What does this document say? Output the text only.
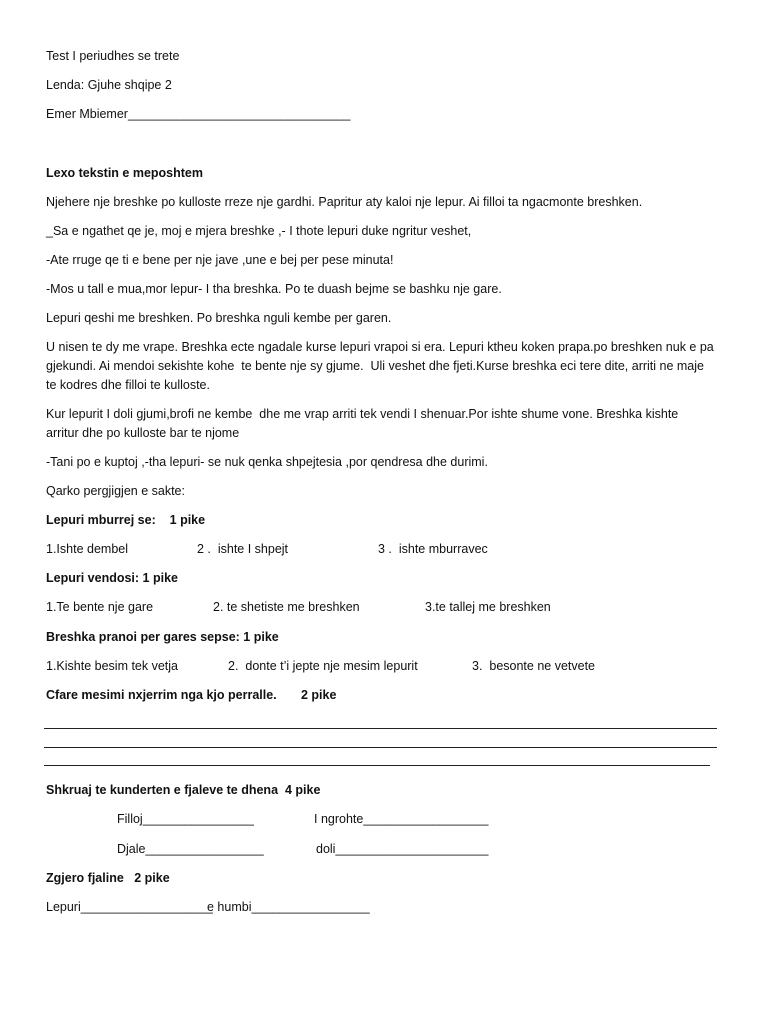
Test I periudhes se trete
Lenda: Gjuhe shqipe 2
Emer Mbiemer________________________________
Lexo tekstin e meposhtem
Njehere nje breshke po kulloste rreze nje gardhi. Papritur aty kaloi nje lepur. Ai filloi ta ngacmonte breshken.
_Sa e ngathet qe je, moj e mjera breshke ,- I thote lepuri duke ngritur veshet,
-Ate rruge qe ti e bene per nje jave ,une e bej per pese minuta!
-Mos u tall e mua,mor lepur- I tha breshka. Po te duash bejme se bashku nje gare.
Lepuri qeshi me breshken. Po breshka nguli kembe per garen.
U nisen te dy me vrape. Breshka ecte ngadale kurse lepuri vrapoi si era. Lepuri ktheu koken prapa.po breshken nuk e pa
gjekundi. Ai mendoi sekishte kohe  te bente nje sy gjume.  Uli veshet dhe fjeti.Kurse breshka eci tere dite, arriti ne maje
te kodres dhe filloi te kulloste.
Kur lepurit I doli gjumi,brofi ne kembe  dhe me vrap arriti tek vendi I shenuar.Por ishte shume vone. Breshka kishte
arritur dhe po kulloste bar te njome
-Tani po e kuptoj ,-tha lepuri- se nuk qenka shpejtesia ,por qendresa dhe durimi.
Qarko pergjigjen e sakte:
Lepuri mburrej se:    1 pike
1.Ishte dembel	2 .  ishte I shpejt	3 .  ishte mburravec
Lepuri vendosi: 1 pike
1.Te bente nje gare	2. te shetiste me breshken	3.te tallej me breshken
Breshka pranoi per gares sepse: 1 pike
1.Kishte besim tek vetja	2.  donte t’i jepte nje mesim lepurit	3.  besonte ne vetvete
Cfare mesimi nxjerrim nga kjo perralle.       2 pike
Shkruaj te kunderten e fjaleve te dhena  4 pike
Filloj________________	I ngrohte__________________
Djale_________________	doli______________________
Zgjero fjaline   2 pike
Lepuri___________________
e humbi_________________
